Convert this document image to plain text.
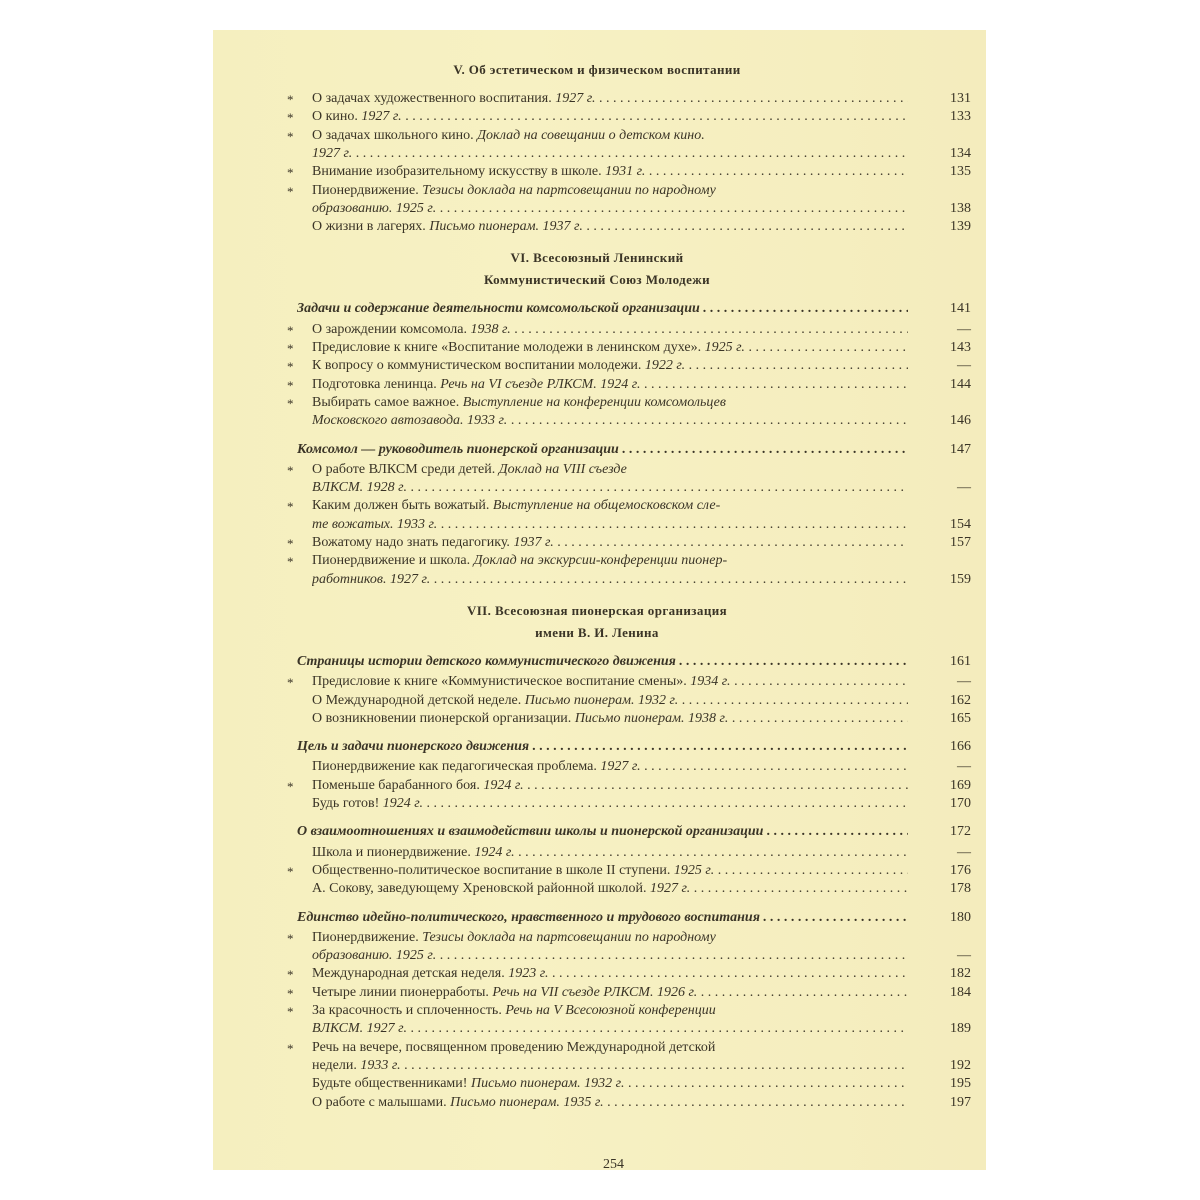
V. Об эстетическом и физическом воспитании
* О задачах художественного воспитания. 1927 г. . . .	131
* О кино. 1927 г. . . .	133
* О задачах школьного кино. Доклад на совещании о детском кино.
1927 г. . . .	134
* Внимание изобразительному искусству в школе. 1931 г. . . .	135
* Пионердвижение. Тезисы доклада на партсовещании по народному
образованию. 1925 г. . . .	138
О жизни в лагерях. Письмо пионерам. 1937 г. . . .	139
VI. Всесоюзный Ленинский
Коммунистический Союз Молодежи
Задачи и содержание деятельности комсомольской организации . . .	141
* О зарождении комсомола. 1938 г. . . .	—
* Предисловие к книге «Воспитание молодежи в ленинском духе». 1925 г. . . .	143
* К вопросу о коммунистическом воспитании молодежи. 1922 г. . . .	—
* Подготовка ленинца. Речь на VI съезде РЛКСМ. 1924 г. . . .	144
* Выбирать самое важное. Выступление на конференции комсомольцев
Московского автозавода. 1933 г. . . .	146
Комсомол — руководитель пионерской организации . . .	147
* О работе ВЛКСМ среди детей. Доклад на VIII съезде
ВЛКСМ. 1928 г. . . .	—
* Каким должен быть вожатый. Выступление на общемосковском сле-
те вожатых. 1933 г. . . .	154
* Вожатому надо знать педагогику. 1937 г. . . .	157
* Пионердвижение и школа. Доклад на экскурсии-конференции пионер-
работников. 1927 г. . . .	159
VII. Всесоюзная пионерская организация
имени В. И. Ленина
Страницы истории детского коммунистического движения . . .	161
* Предисловие к книге «Коммунистическое воспитание смены». 1934 г. . . .	—
О Международной детской неделе. Письмо пионерам. 1932 г. . . .	162
О возникновении пионерской организации. Письмо пионерам. 1938 г. . . .	165
Цель и задачи пионерского движения . . .	166
Пионердвижение как педагогическая проблема. 1927 г. . . .	—
* Поменьше барабанного боя. 1924 г. . . .	169
Будь готов! 1924 г. . . .	170
О взаимоотношениях и взаимодействии школы и пионерской организации . . .	172
Школа и пионердвижение. 1924 г. . . .	—
* Общественно-политическое воспитание в школе II ступени. 1925 г. . . .	176
А. Сокову, заведующему Хреновской районной школой. 1927 г. . . .	178
Единство идейно-политического, нравственного и трудового воспитания . . .	180
* Пионердвижение. Тезисы доклада на партсовещании по народному
образованию. 1925 г. . . .	—
* Международная детская неделя. 1923 г. . . .	182
* Четыре линии пионерработы. Речь на VII съезде РЛКСМ. 1926 г. . . .	184
* За красочность и сплоченность. Речь на V Всесоюзной конференции
ВЛКСМ. 1927 г. . . .	189
* Речь на вечере, посвященном проведению Международной детской
недели. 1933 г. . . .	192
Будьте общественниками! Письмо пионерам. 1932 г. . . .	195
О работе с малышами. Письмо пионерам. 1935 г. . . .	197
254
